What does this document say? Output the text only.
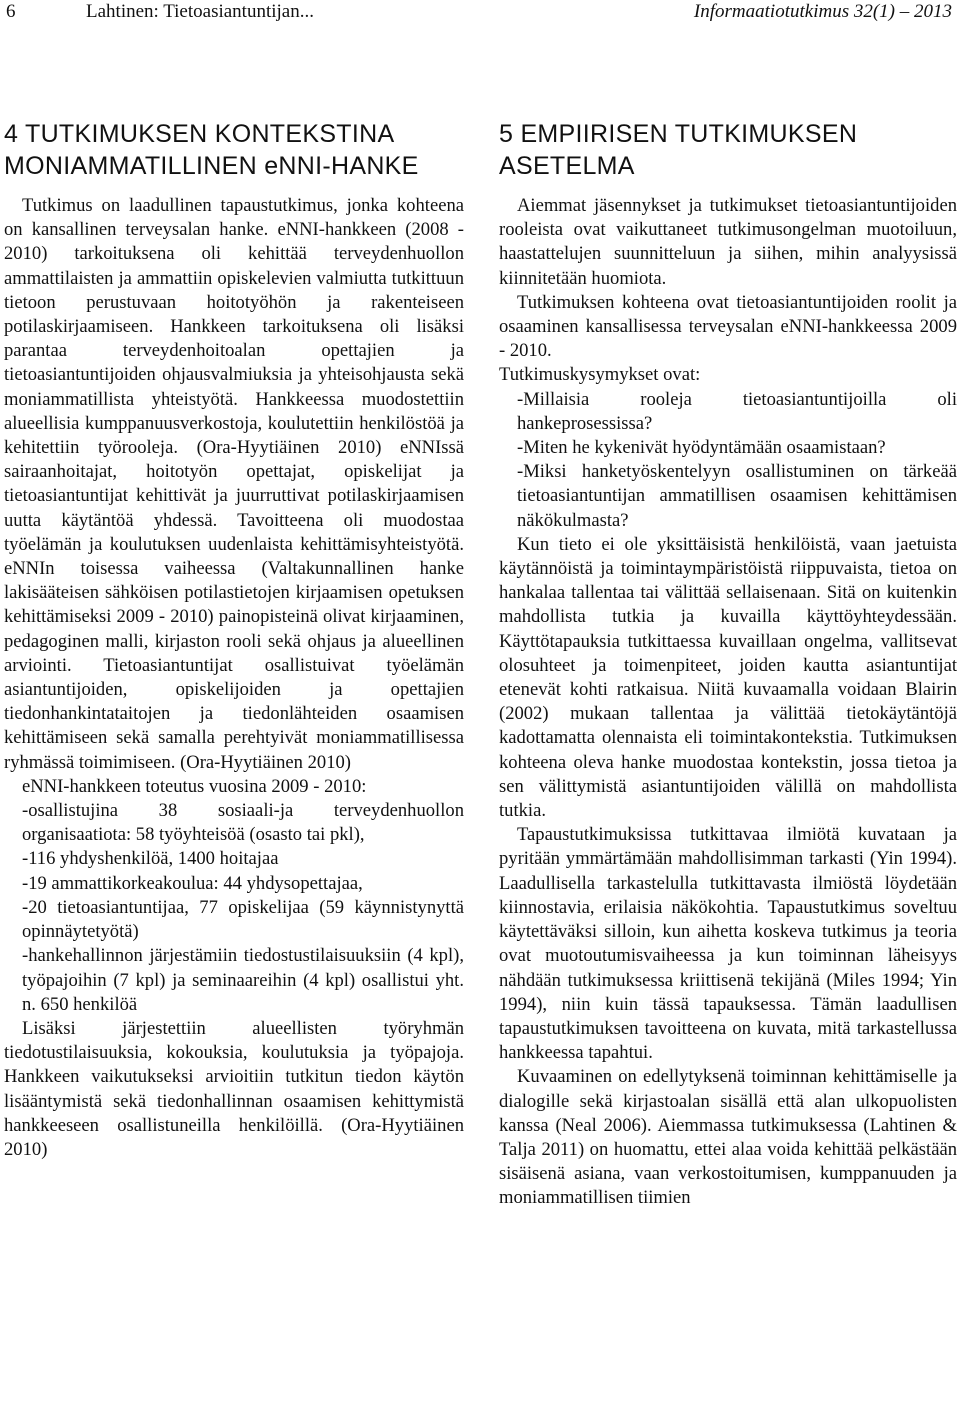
6	Lahtinen: Tietoasiantuntijan...	Informaatiotutkimus 32(1) – 2013
4 TUTKIMUKSEN KONTEKSTINA MONIAMMATILLINEN eNNI-HANKE

Tutkimus on laadullinen tapaustutkimus, jonka kohteena on kansallinen terveysalan hanke. eNNI-hankkeen (2008 - 2010) tarkoituksena oli kehittää terveydenhuollon ammattilaisten ja ammattiin opiskelevien valmiutta tutkittuun tietoon perustuvaan hoitotyöhön ja rakenteiseen potilaskirjaamiseen. Hankkeen tarkoituksena oli lisäksi parantaa terveydenhoitoalan opettajien ja tietoasiantuntijoiden ohjausvalmiuksia ja yhteisohjausta sekä moniammatillista yhteistyötä. Hankkeessa muodostettiin alueellisia kumppanuusverkostoja, koulutettiin henkilöstöä ja kehitettiin työrooleja. (Ora-Hyytiäinen 2010) eNNIssä sairaanhoitajat, hoitotyön opettajat, opiskelijat ja tietoasiantuntijat kehittivät ja juurruttivat potilaskirjaamisen uutta käytäntöä yhdessä. Tavoitteena oli muodostaa työelämän ja koulutuksen uudenlaista kehittämisyhteistyötä. eNNIn toisessa vaiheessa (Valtakunnallinen hanke lakisääteisen sähköisen potilastietojen kirjaamisen opetuksen kehittämiseksi 2009 - 2010) painopisteinä olivat kirjaaminen, pedagoginen malli, kirjaston rooli sekä ohjaus ja alueellinen arviointi. Tietoasiantuntijat osallistuivat työelämän asiantuntijoiden, opiskelijoiden ja opettajien tiedonhankintataitojen ja tiedonlähteiden osaamisen kehittämiseen sekä samalla perehtyivät moniammatillisessa ryhmässä toimimiseen. (Ora-Hyytiäinen 2010)

eNNI-hankkeen toteutus vuosina 2009 - 2010:

-osallistujina 38 sosiaali-ja terveydenhuollon organisaatiota: 58 työyhteisöä (osasto tai pkl),

-116 yhdyshenkilöä, 1400 hoitajaa

-19 ammattikorkeakoulua: 44 yhdysopettajaa,

-20 tietoasiantuntijaa, 77 opiskelijaa (59 käynnistynyttä opinnäytetyötä)

-hankehallinnon järjestämiin tiedostustilaisuuksiin (4 kpl), työpajoihin (7 kpl) ja seminaareihin (4 kpl) osallistui yht. n. 650 henkilöä

Lisäksi järjestettiin alueellisten työryhmän tiedotustilaisuuksia, kokouksia, koulutuksia ja työpajoja. Hankkeen vaikutukseksi arvioitiin tutkitun tiedon käytön lisääntymistä sekä tiedonhallinnan osaamisen kehittymistä hankkeeseen osallistuneilla henkilöillä. (Ora-Hyytiäinen 2010)

5 EMPIIRISEN TUTKIMUKSEN ASETELMA

Aiemmat jäsennykset ja tutkimukset tietoasiantuntijoiden rooleista ovat vaikuttaneet tutkimusongelman muotoiluun, haastattelujen suunnitteluun ja siihen, mihin analyysissä kiinnitetään huomiota.

Tutkimuksen kohteena ovat tietoasiantuntijoiden roolit ja osaaminen kansallisessa terveysalan eNNI-hankkeessa 2009 - 2010.

Tutkimuskysymykset ovat:

-Millaisia rooleja tietoasiantuntijoilla oli hankeprosessissa?

-Miten he kykenivät hyödyntämään osaamistaan?

-Miksi hanketyöskentelyyn osallistuminen on tärkeää tietoasiantuntijan ammatillisen osaamisen kehittämisen näkökulmasta?

Kun tieto ei ole yksittäisistä henkilöistä, vaan jaetuista käytännöistä ja toimintaympäristöistä riippuvaista, tietoa on hankalaa tallentaa tai välittää sellaisenaan. Sitä on kuitenkin mahdollista tutkia ja kuvailla käyttöyhteydessään. Käyttötapauksia tutkittaessa kuvaillaan ongelma, vallitsevat olosuhteet ja toimenpiteet, joiden kautta asiantuntijat etenevät kohti ratkaisua. Niitä kuvaamalla voidaan Blairin (2002) mukaan tallentaa ja välittää tietokäytäntöjä kadottamatta olennaista eli toimintakontekstia. Tutkimuksen kohteena oleva hanke muodostaa kontekstin, jossa tietoa ja sen välittymistä asiantuntijoiden välillä on mahdollista tutkia.

Tapaustutkimuksissa tutkittavaa ilmiötä kuvataan ja pyritään ymmärtämään mahdollisimman tarkasti (Yin 1994). Laadullisella tarkastelulla tutkittavasta ilmiöstä löydetään kiinnostavia, erilaisia näkökohtia. Tapaustutkimus soveltuu käytettäväksi silloin, kun aihetta koskeva tutkimus ja teoria ovat muotoutumisvaiheessa ja kun toiminnan läheisyys nähdään tutkimuksessa kriittisenä tekijänä (Miles 1994; Yin 1994), niin kuin tässä tapauksessa. Tämän laadullisen tapaustutkimuksen tavoitteena on kuvata, mitä tarkastellussa hankkeessa tapahtui.

Kuvaaminen on edellytyksenä toiminnan kehittämiselle ja dialogille sekä kirjastoalan sisällä että alan ulkopuolisten kanssa (Neal 2006). Aiemmassa tutkimuksessa (Lahtinen & Talja 2011) on huomattu, ettei alaa voida kehittää pelkästään sisäisenä asiana, vaan verkostoitumisen, kumppanuuden ja moniammatillisen tiimien
